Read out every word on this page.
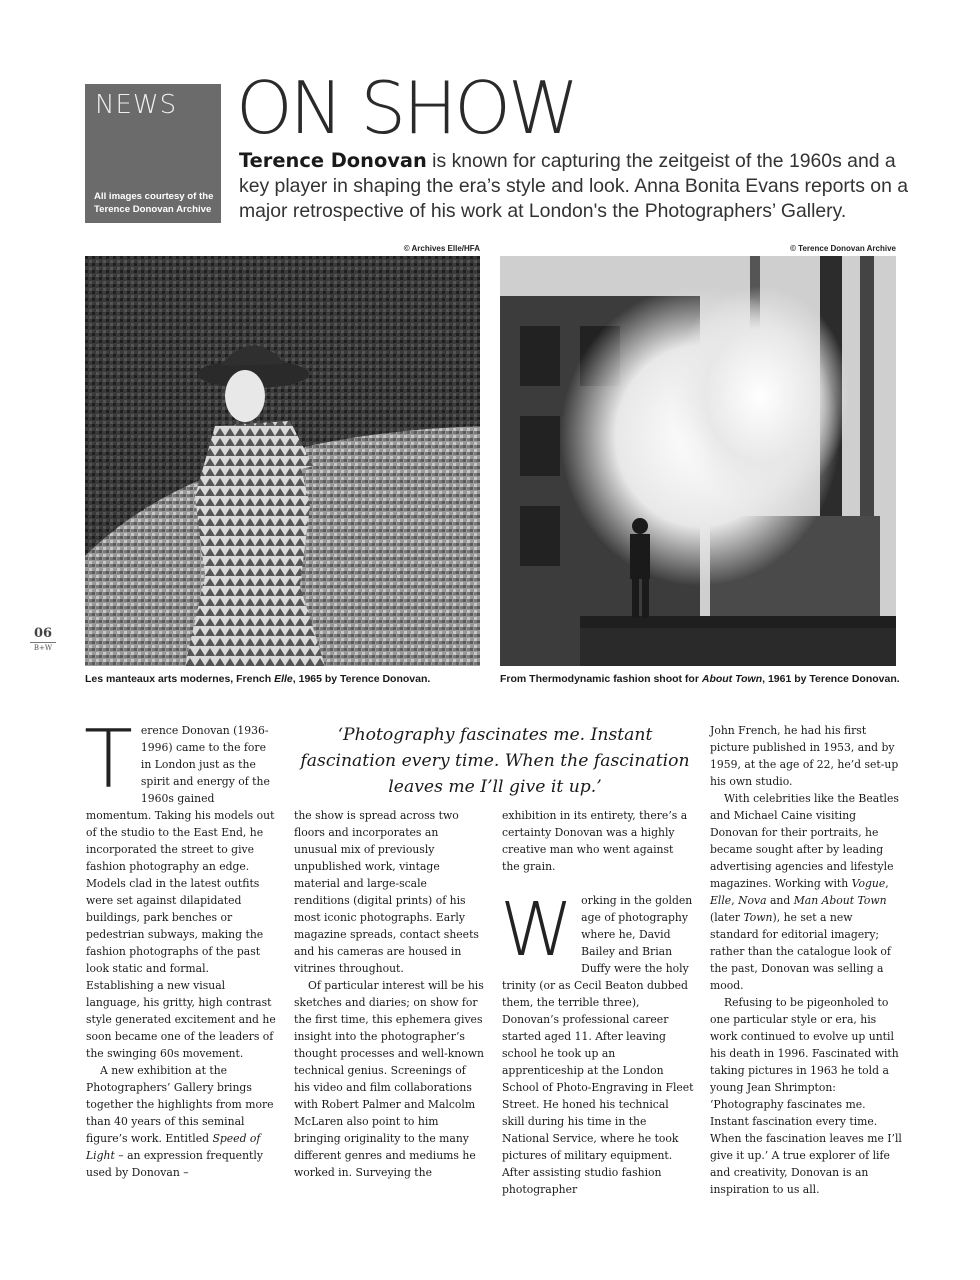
NEWS
All images courtesy of the
Terence Donovan Archive
ON SHOW
Terence Donovan is known for capturing the zeitgeist of the 1960s and a key player in shaping the era’s style and look. Anna Bonita Evans reports on a major retrospective of his work at London's the Photographers’ Gallery.
© Archives Elle/HFA	© Terence Donovan Archive
Les manteaux arts modernes, French Elle, 1965 by Terence Donovan.	From Thermodynamic fashion shoot for About Town, 1961 by Terence Donovan.
06
B+W
‘Photography fascinates me. Instant fascination every time. When the fascination leaves me I’ll give it up.’

Terence Donovan (1936-1996) came to the fore in London just as the spirit and energy of the 1960s gained momentum. Taking his models out of the studio to the East End, he incorporated the street to give fashion photography an edge. Models clad in the latest outfits were set against dilapidated buildings, park benches or pedestrian subways, making the fashion photographs of the past look static and formal. Establishing a new visual language, his gritty, high contrast style generated excitement and he soon became one of the leaders of the swinging 60s movement.

A new exhibition at the Photographers’ Gallery brings together the highlights from more than 40 years of this seminal figure’s work. Entitled Speed of Light – an expression frequently used by Donovan –

the show is spread across two floors and incorporates an unusual mix of previously unpublished work, vintage material and large-scale renditions (digital prints) of his most iconic photographs. Early magazine spreads, contact sheets and his cameras are housed in vitrines throughout.

Of particular interest will be his sketches and diaries; on show for the first time, this ephemera gives insight into the photographer’s thought processes and well-known technical genius. Screenings of his video and film collaborations with Robert Palmer and Malcolm McLaren also point to him bringing originality to the many different genres and mediums he worked in. Surveying the

exhibition in its entirety, there’s a certainty Donovan was a highly creative man who went against the grain.

Working in the golden age of photography where he, David Bailey and Brian Duffy were the holy trinity (or as Cecil Beaton dubbed them, the terrible three), Donovan’s professional career started aged 11. After leaving school he took up an apprenticeship at the London School of Photo-Engraving in Fleet Street. He honed his technical skill during his time in the National Service, where he took pictures of military equipment. After assisting studio fashion photographer

John French, he had his first picture published in 1953, and by 1959, at the age of 22, he’d set-up his own studio.

With celebrities like the Beatles and Michael Caine visiting Donovan for their portraits, he became sought after by leading advertising agencies and lifestyle magazines. Working with Vogue, Elle, Nova and Man About Town (later Town), he set a new standard for editorial imagery; rather than the catalogue look of the past, Donovan was selling a mood.

Refusing to be pigeonholed to one particular style or era, his work continued to evolve up until his death in 1996. Fascinated with taking pictures in 1963 he told a young Jean Shrimpton: ‘Photography fascinates me. Instant fascination every time. When the fascination leaves me I’ll give it up.’ A true explorer of life and creativity, Donovan is an inspiration to us all.
